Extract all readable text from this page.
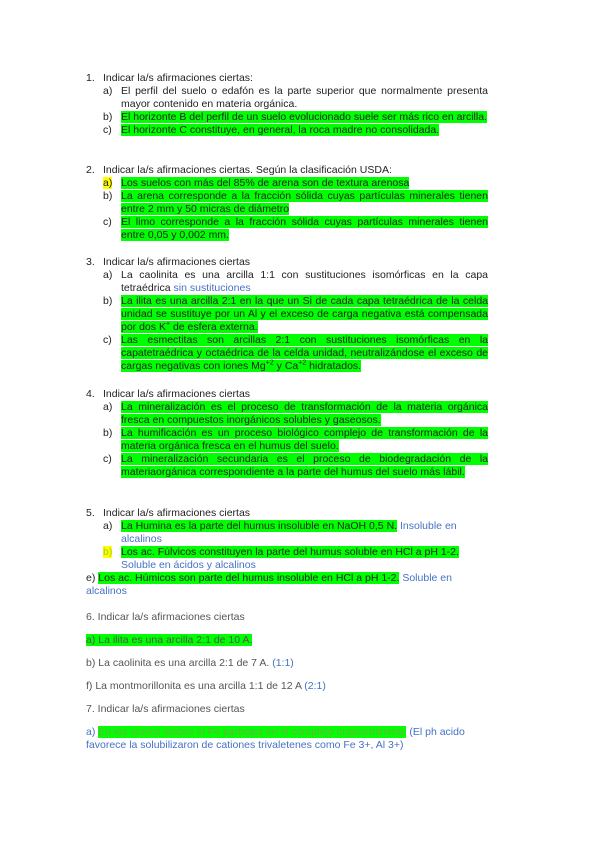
1. Indicar la/s afirmaciones ciertas:
a) El perfil del suelo o edafón es la parte superior que normalmente presenta mayor contenido en materia orgánica.
b) El horizonte B del perfil de un suelo evolucionado suele ser más rico en arcilla.
c) El horizonte C constituye, en general, la roca madre no consolidada.
2. Indicar la/s afirmaciones ciertas. Según la clasificación USDA:
a) Los suelos con más del 85% de arena son de textura arenosa
b) La arena corresponde a la fracción sólida cuyas partículas minerales tienen entre 2 mm y 50 micras de diámetro
c) El limo corresponde a la fracción sólida cuyas partículas minerales tienen entre 0,05 y 0,002 mm.
3. Indicar la/s afirmaciones ciertas
a) La caolinita es una arcilla 1:1 con sustituciones isomórficas en la capa tetraédrica sin sustituciones
b) La ilita es una arcilla 2:1 en la que un Si de cada capa tetraédrica de la celda unidad se sustituye por un Al y el exceso de carga negativa está compensada por dos K+ de esfera externa.
c) Las esmectitas son arcillas 2:1 con sustituciones isomórficas en la capatetraédrica y octaédrica de la celda unidad, neutralizándose el exceso de cargas negativas con iones $Mg^{+2}$ y $Ca^{+2}$ hidratados.
4. Indicar la/s afirmaciones ciertas
a) La mineralización es el proceso de transformación de la materia orgánica fresca en compuestos inorgánicos solubles y gaseosos.
b) La humificación es un proceso biológico complejo de transformación de la materia orgánica fresca en el humus del suelo.
c) La mineralización secundaria es el proceso de biodegradación de la materiaorgánica correspondiente a la parte del humus del suelo más lábil.
5. Indicar la/s afirmaciones ciertas
a) La Humina es la parte del humus insoluble en NaOH 0,5 N. Insoluble en alcalinos
b) Los ac. Fúlvicos constituyen la parte del humus soluble en HCl a pH 1-2. Soluble en ácidos y alcalinos
e) Los ac. Húmicos son parte del humus insoluble en HCl a pH 1-2. Soluble en alcalinos
6. Indicar la/s afirmaciones ciertas
a) La ilita es una arcilla 2:1 de 10 A.
b) La caolinita es una arcilla 2:1 de 7 A. (1:1)
f) La montmorillonita es una arcilla 1:1 de 12 A (2:1)
7. Indicar la/s afirmaciones ciertas
a) En los suelos ácidos el Fe participa en el complejo organomineral. (El ph acido favorece la solubilizaron de cationes trivaletenes como Fe 3+, Al 3+)
